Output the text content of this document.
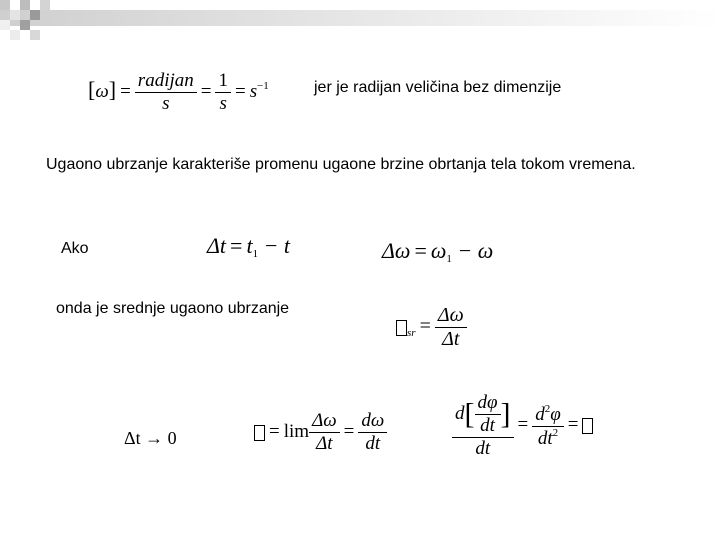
$[\omega] = \frac{\text{radijan}}{s} = \frac{1}{s} = s^{-1}$	jer je radijan veličina bez dimenzije
Ugaono ubrzanje karakteriše promenu ugaone brzine obrtanja tela tokom vremena.
Ako	$\Delta t = t_1 - t$	$\Delta\omega = \omega_1 - \omega$
onda je srednje ugaono ubrzanje
$_{sr} = \frac{\Delta\omega}{\Delta t}$
Δt → 0	= $\lim \frac{\Delta\omega}{\Delta t} = \frac{d\omega}{dt}$	$\frac{d[ \frac{d\varphi}{dt} ]}{dt} = \frac{d^2\varphi}{dt^2}$ =
